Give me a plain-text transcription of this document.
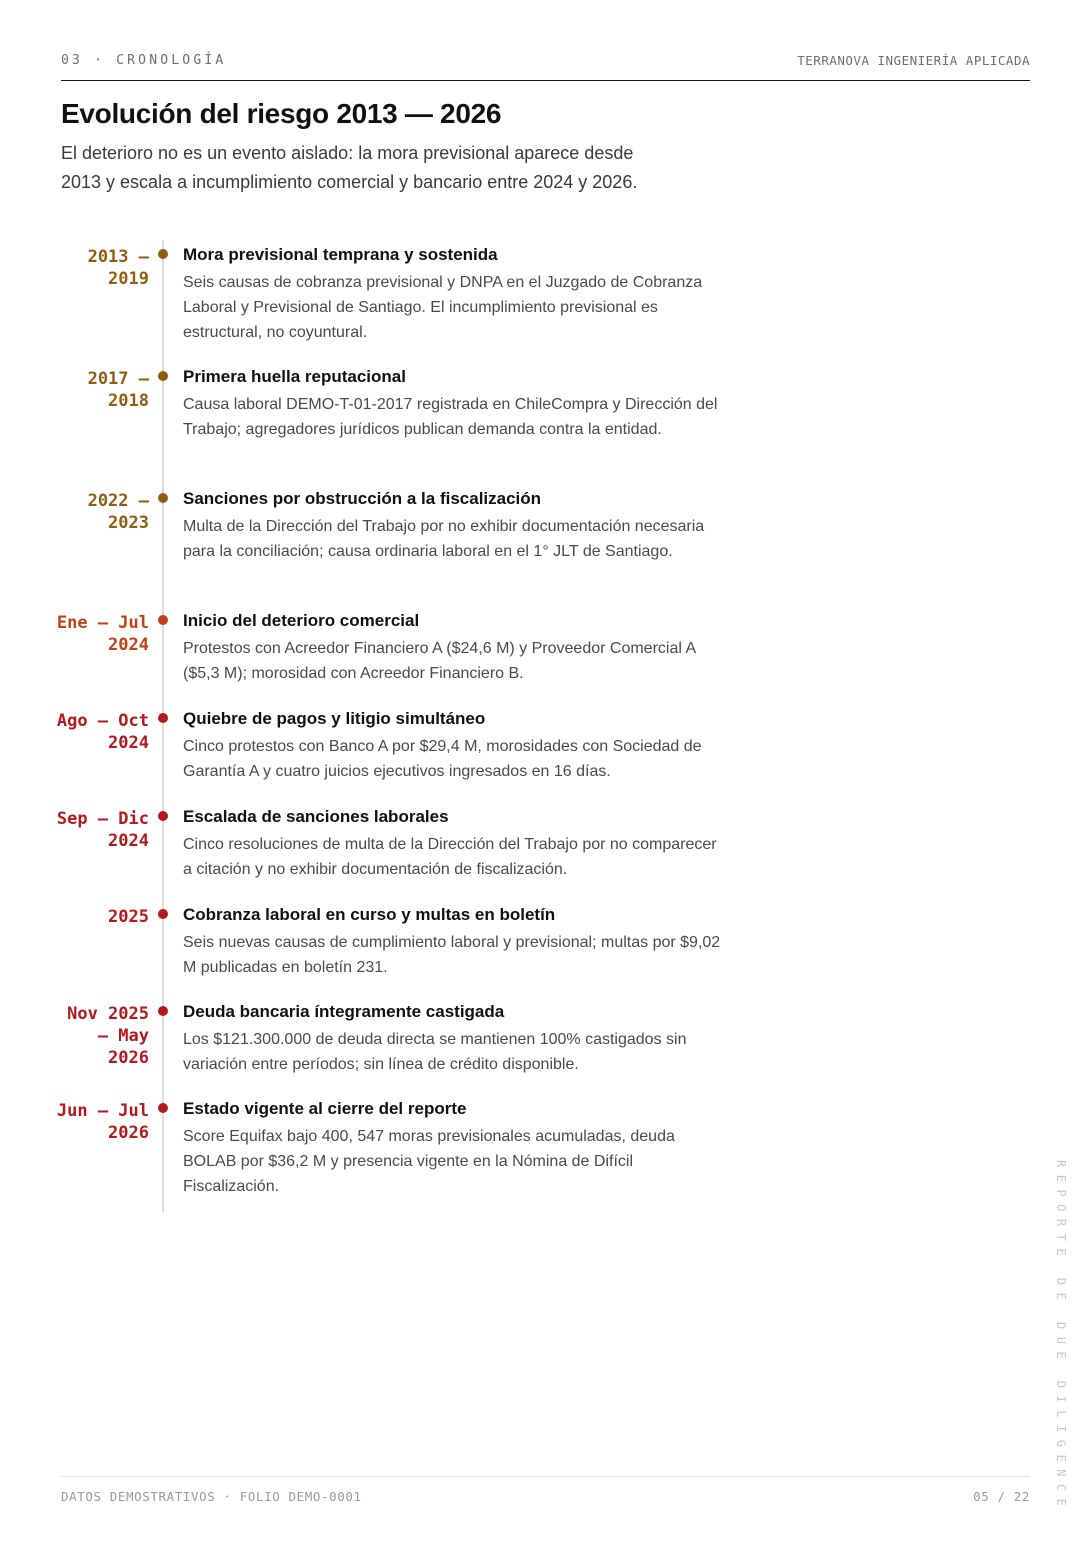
03 · CRONOLOGÍA	TERRANOVA INGENIERÍA APLICADA
Evolución del riesgo 2013 — 2026

El deterioro no es un evento aislado: la mora previsional aparece desde 2013 y escala a incumplimiento comercial y bancario entre 2024 y 2026.

2013 — 2019
Mora previsional temprana y sostenida
Seis causas de cobranza previsional y DNPA en el Juzgado de Cobranza Laboral y Previsional de Santiago. El incumplimiento previsional es estructural, no coyuntural.
2017 — 2018
Primera huella reputacional
Causa laboral DEMO-T-01-2017 registrada en ChileCompra y Dirección del Trabajo; agregadores jurídicos publican demanda contra la entidad.
2022 — 2023
Sanciones por obstrucción a la fiscalización
Multa de la Dirección del Trabajo por no exhibir documentación necesaria para la conciliación; causa ordinaria laboral en el 1° JLT de Santiago.
Ene — Jul 2024
Inicio del deterioro comercial
Protestos con Acreedor Financiero A ($24,6 M) y Proveedor Comercial A ($5,3 M); morosidad con Acreedor Financiero B.
Ago — Oct 2024
Quiebre de pagos y litigio simultáneo
Cinco protestos con Banco A por $29,4 M, morosidades con Sociedad de Garantía A y cuatro juicios ejecutivos ingresados en 16 días.
Sep — Dic 2024
Escalada de sanciones laborales
Cinco resoluciones de multa de la Dirección del Trabajo por no comparecer a citación y no exhibir documentación de fiscalización.
2025 Cobranza laboral en curso y multas en boletín
Seis nuevas causas de cumplimiento laboral y previsional; multas por $9,02 M publicadas en boletín 231.
Nov 2025 — May 2026
Deuda bancaria íntegramente castigada
Los $121.300.000 de deuda directa se mantienen 100% castigados sin variación entre períodos; sin línea de crédito disponible.
Jun — Jul 2026
Estado vigente al cierre del reporte
Score Equifax bajo 400, 547 moras previsionales acumuladas, deuda BOLAB por $36,2 M y presencia vigente en la Nómina de Difícil Fiscalización.
DATOS DEMOSTRATIVOS · FOLIO DEMO-0001	05 / 22 REPORTE DE DUE DILIGENCE
